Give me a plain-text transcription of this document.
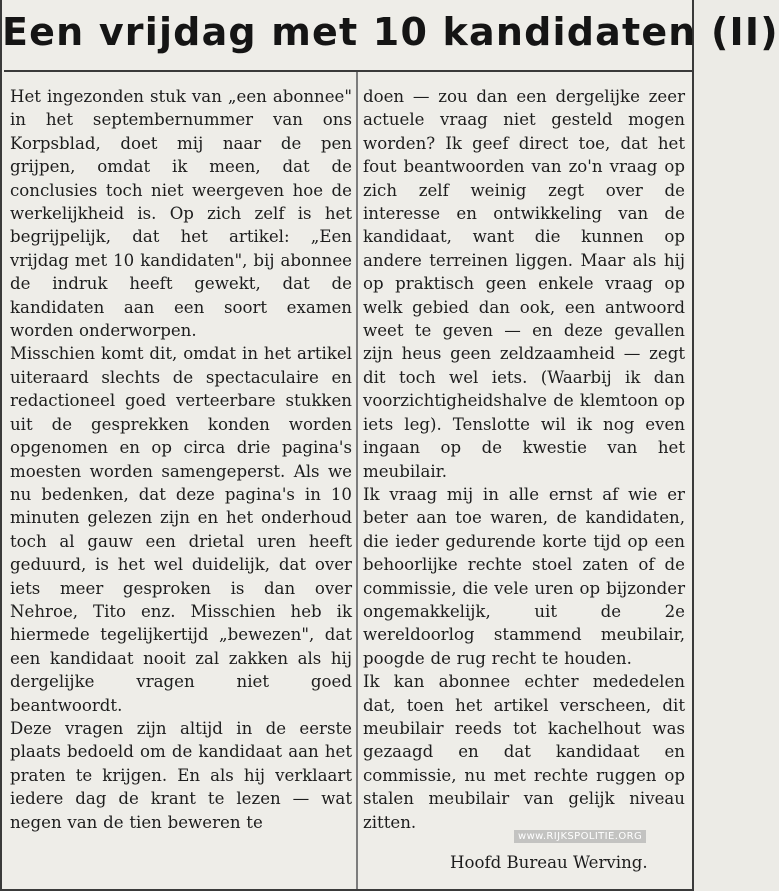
Een vrijdag met 10 kandidaten (II)

Het ingezonden stuk van „een abonnee" in het septembernummer van ons Korpsblad, doet mij naar de pen grijpen, omdat ik meen, dat de conclusies toch niet weergeven hoe de werkelijkheid is. Op zich zelf is het begrijpelijk, dat het artikel: „Een vrijdag met 10 kandidaten", bij abonnee de indruk heeft gewekt, dat de kandidaten aan een soort examen worden onderworpen.

Misschien komt dit, omdat in het artikel uiteraard slechts de spectaculaire en redactioneel goed verteerbare stukken uit de gesprekken konden worden opgenomen en op circa drie pagina's moesten worden samengeperst. Als we nu bedenken, dat deze pagina's in 10 minuten gelezen zijn en het onderhoud toch al gauw een drietal uren heeft geduurd, is het wel duidelijk, dat over iets meer gesproken is dan over Nehroe, Tito enz. Misschien heb ik hiermede tegelijkertijd „bewezen", dat een kandidaat nooit zal zakken als hij dergelijke vragen niet goed beantwoordt.

Deze vragen zijn altijd in de eerste plaats bedoeld om de kandidaat aan het praten te krijgen. En als hij verklaart iedere dag de krant te lezen — wat negen van de tien beweren te

doen — zou dan een dergelijke zeer actuele vraag niet gesteld mogen worden? Ik geef direct toe, dat het fout beantwoorden van zo'n vraag op zich zelf weinig zegt over de interesse en ontwikkeling van de kandidaat, want die kunnen op andere terreinen liggen. Maar als hij op praktisch geen enkele vraag op welk gebied dan ook, een antwoord weet te geven — en deze gevallen zijn heus geen zeldzaamheid — zegt dit toch wel iets. (Waarbij ik dan voorzichtigheidshalve de klemtoon op iets leg). Tenslotte wil ik nog even ingaan op de kwestie van het meubilair.

Ik vraag mij in alle ernst af wie er beter aan toe waren, de kandidaten, die ieder gedurende korte tijd op een behoorlijke rechte stoel zaten of de commissie, die vele uren op bijzonder ongemakkelijk, uit de 2e wereldoorlog stammend meubilair, poogde de rug recht te houden.

Ik kan abonnee echter mededelen dat, toen het artikel verscheen, dit meubilair reeds tot kachelhout was gezaagd en dat kandidaat en commissie, nu met rechte ruggen op stalen meubilair van gelijk niveau zitten.

www.RIJKSPOLITIE.ORG
Hoofd Bureau Werving.
